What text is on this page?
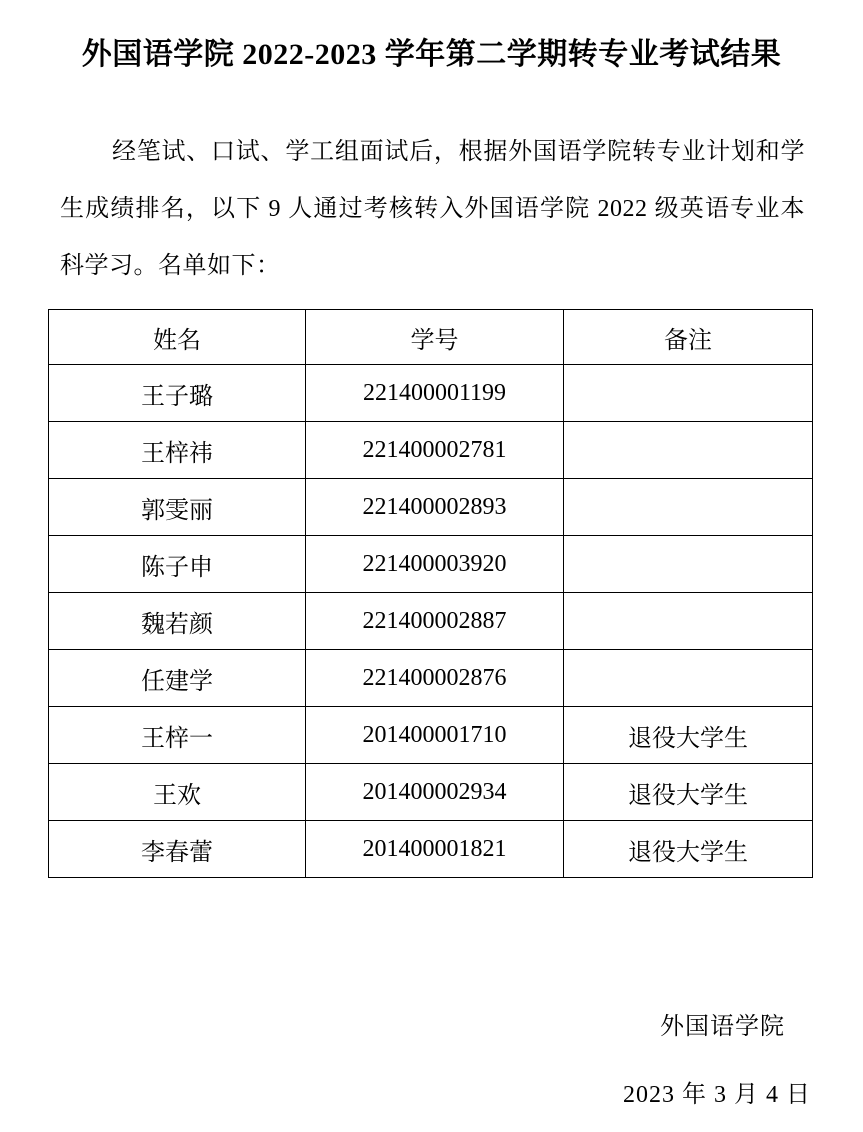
外国语学院 2022-2023 学年第二学期转专业考试结果

经笔试、口试、学工组面试后，根据外国语学院转专业计划和学生成绩排名，以下 9 人通过考核转入外国语学院 2022 级英语专业本科学习。名单如下：

姓名	学号	备注
王子璐	221400001199	
王梓祎	221400002781	
郭雯丽	221400002893	
陈子申	221400003920	
魏若颜	221400002887	
任建学	221400002876	
王梓一	201400001710	退役大学生
王欢	201400002934	退役大学生
李春蕾	201400001821	退役大学生
外国语学院
2023 年 3 月 4 日
